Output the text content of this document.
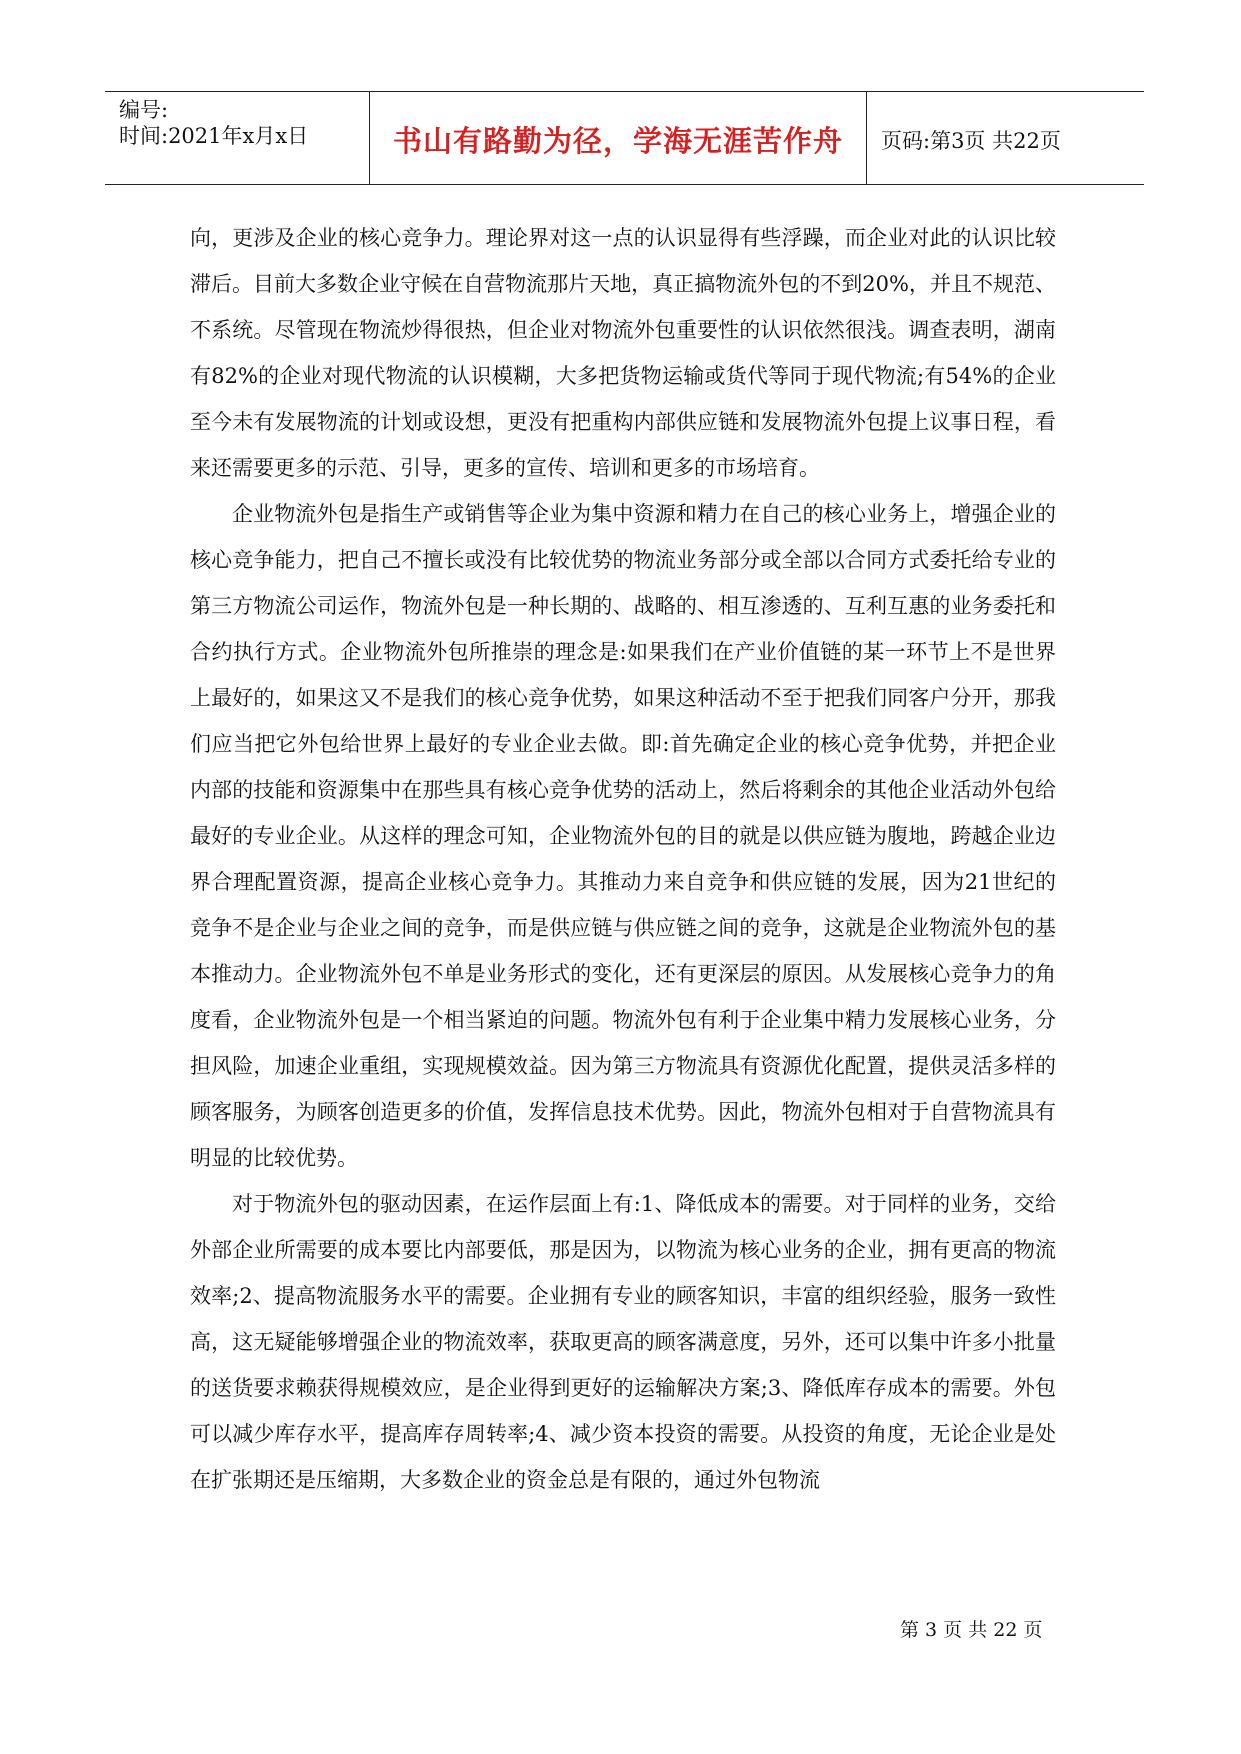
编号:
时间:2021年x月x日	书山有路勤为径，学海无涯苦作舟	页码:第3页 共22页

向，更涉及企业的核心竞争力。理论界对这一点的认识显得有些浮躁，而企业对此的认识比较滞后。目前大多数企业守候在自营物流那片天地，真正搞物流外包的不到20%，并且不规范、不系统。尽管现在物流炒得很热，但企业对物流外包重要性的认识依然很浅。调查表明，湖南有82%的企业对现代物流的认识模糊，大多把货物运输或货代等同于现代物流;有54%的企业至今未有发展物流的计划或设想，更没有把重构内部供应链和发展物流外包提上议事日程，看来还需要更多的示范、引导，更多的宣传、培训和更多的市场培育。

企业物流外包是指生产或销售等企业为集中资源和精力在自己的核心业务上，增强企业的核心竞争能力，把自己不擅长或没有比较优势的物流业务部分或全部以合同方式委托给专业的第三方物流公司运作，物流外包是一种长期的、战略的、相互渗透的、互利互惠的业务委托和合约执行方式。企业物流外包所推崇的理念是:如果我们在产业价值链的某一环节上不是世界上最好的，如果这又不是我们的核心竞争优势，如果这种活动不至于把我们同客户分开，那我们应当把它外包给世界上最好的专业企业去做。即:首先确定企业的核心竞争优势，并把企业内部的技能和资源集中在那些具有核心竞争优势的活动上，然后将剩余的其他企业活动外包给最好的专业企业。从这样的理念可知，企业物流外包的目的就是以供应链为腹地，跨越企业边界合理配置资源，提高企业核心竞争力。其推动力来自竞争和供应链的发展，因为21世纪的竞争不是企业与企业之间的竞争，而是供应链与供应链之间的竞争，这就是企业物流外包的基本推动力。企业物流外包不单是业务形式的变化，还有更深层的原因。从发展核心竞争力的角度看，企业物流外包是一个相当紧迫的问题。物流外包有利于企业集中精力发展核心业务，分担风险，加速企业重组，实现规模效益。因为第三方物流具有资源优化配置，提供灵活多样的顾客服务，为顾客创造更多的价值，发挥信息技术优势。因此，物流外包相对于自营物流具有明显的比较优势。

对于物流外包的驱动因素，在运作层面上有:1、降低成本的需要。对于同样的业务，交给外部企业所需要的成本要比内部要低，那是因为，以物流为核心业务的企业，拥有更高的物流效率;2、提高物流服务水平的需要。企业拥有专业的顾客知识，丰富的组织经验，服务一致性高，这无疑能够增强企业的物流效率，获取更高的顾客满意度，另外，还可以集中许多小批量的送货要求赖获得规模效应，是企业得到更好的运输解决方案;3、降低库存成本的需要。外包可以减少库存水平，提高库存周转率;4、减少资本投资的需要。从投资的角度，无论企业是处在扩张期还是压缩期，大多数企业的资金总是有限的，通过外包物流

第 3 页 共 22 页
